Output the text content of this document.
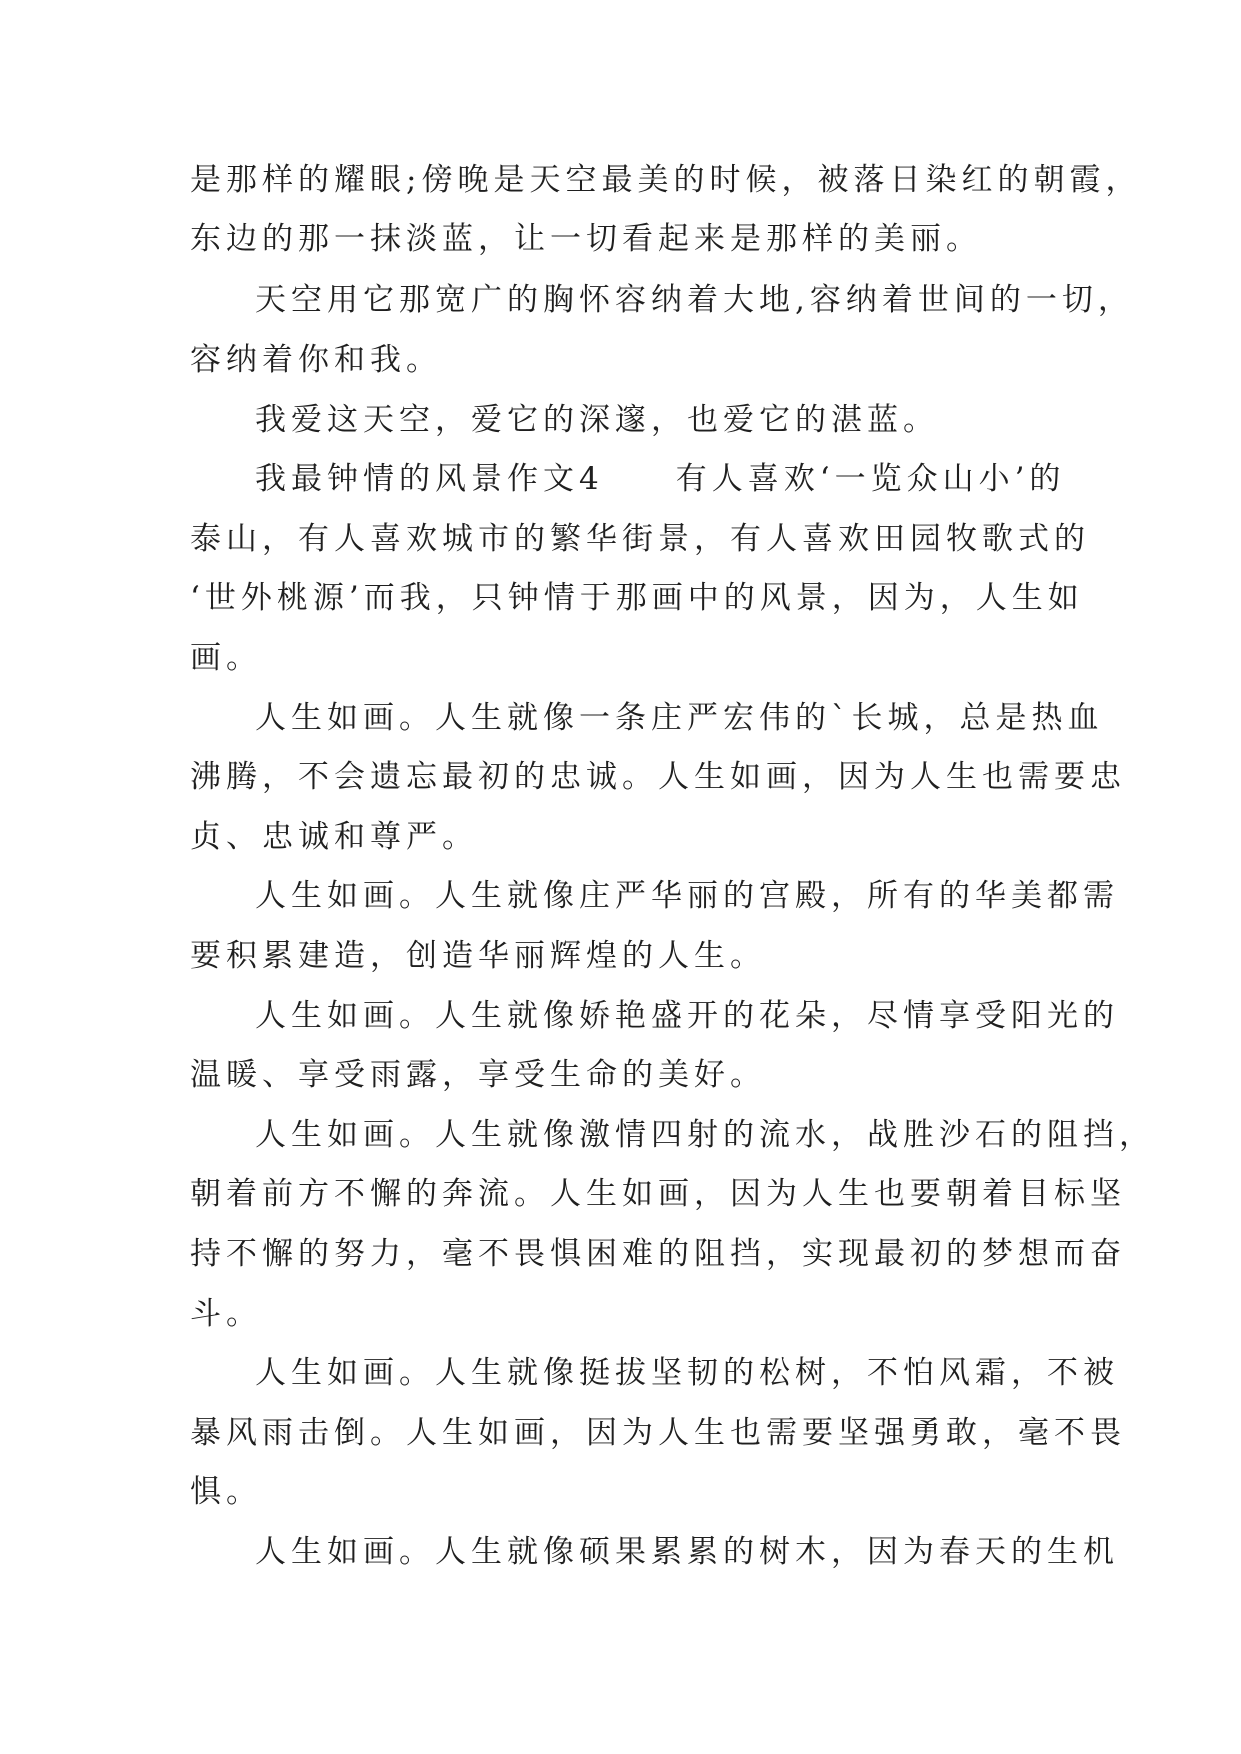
是那样的耀眼;傍晚是天空最美的时候，被落日染红的朝霞，
东边的那一抹淡蓝，让一切看起来是那样的美丽。
天空用它那宽广的胸怀容纳着大地,容纳着世间的一切，
容纳着你和我。
我爱这天空，爱它的深邃，也爱它的湛蓝。
我最钟情的风景作文4　　有人喜欢‘一览众山小’的
泰山，有人喜欢城市的繁华街景，有人喜欢田园牧歌式的
‘世外桃源’而我，只钟情于那画中的风景，因为，人生如
画。
人生如画。人生就像一条庄严宏伟的`长城，总是热血
沸腾，不会遗忘最初的忠诚。人生如画，因为人生也需要忠
贞、忠诚和尊严。
人生如画。人生就像庄严华丽的宫殿，所有的华美都需
要积累建造，创造华丽辉煌的人生。
人生如画。人生就像娇艳盛开的花朵，尽情享受阳光的
温暖、享受雨露，享受生命的美好。
人生如画。人生就像激情四射的流水，战胜沙石的阻挡，
朝着前方不懈的奔流。人生如画，因为人生也要朝着目标坚
持不懈的努力，毫不畏惧困难的阻挡，实现最初的梦想而奋
斗。
人生如画。人生就像挺拔坚韧的松树，不怕风霜，不被
暴风雨击倒。人生如画，因为人生也需要坚强勇敢，毫不畏
惧。
人生如画。人生就像硕果累累的树木，因为春天的生机
